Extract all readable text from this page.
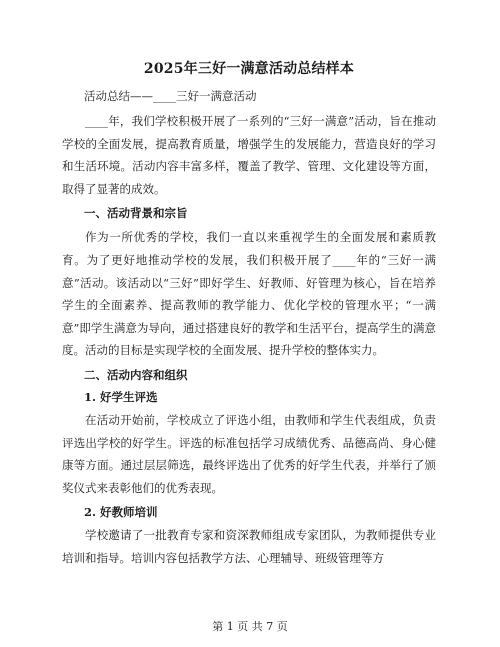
2025年三好一满意活动总结样本
活动总结——____三好一满意活动

____年，我们学校积极开展了一系列的“三好一满意”活动，旨在推动学校的全面发展，提高教育质量，增强学生的发展能力，营造良好的学习和生活环境。活动内容丰富多样，覆盖了教学、管理、文化建设等方面，取得了显著的成效。

一、活动背景和宗旨

作为一所优秀的学校，我们一直以来重视学生的全面发展和素质教育。为了更好地推动学校的发展，我们积极开展了____年的“三好一满意”活动。该活动以“三好”即好学生、好教师、好管理为核心，旨在培养学生的全面素养、提高教师的教学能力、优化学校的管理水平；“一满意”即学生满意为导向，通过搭建良好的教学和生活平台，提高学生的满意度。活动的目标是实现学校的全面发展、提升学校的整体实力。

二、活动内容和组织
1. 好学生评选

在活动开始前，学校成立了评选小组，由教师和学生代表组成，负责评选出学校的好学生。评选的标准包括学习成绩优秀、品德高尚、身心健康等方面。通过层层筛选，最终评选出了优秀的好学生代表，并举行了颁奖仪式来表彰他们的优秀表现。

2. 好教师培训

学校邀请了一批教育专家和资深教师组成专家团队，为教师提供专业培训和指导。培训内容包括教学方法、心理辅导、班级管理等方

第 1 页 共 7 页
